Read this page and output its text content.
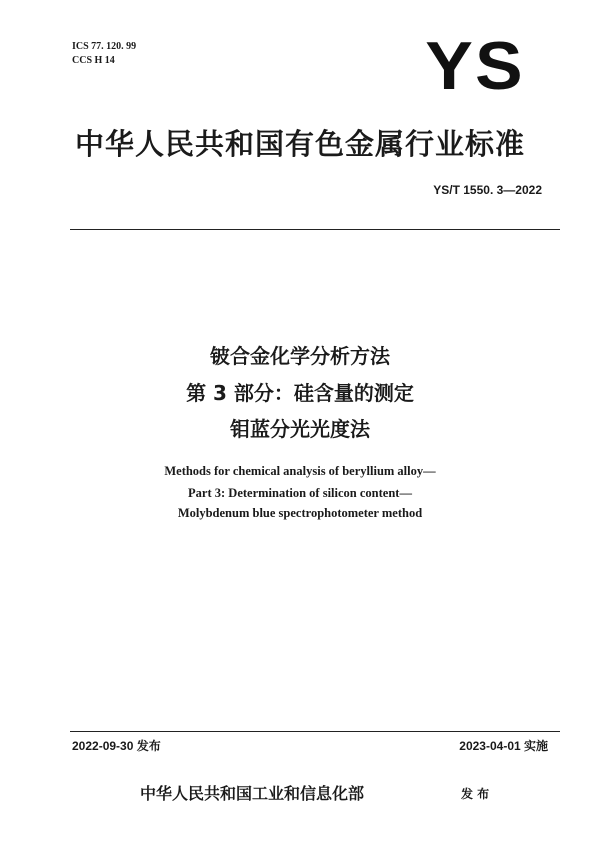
ICS 77. 120. 99
CCS H 14	YS
中华人民共和国有色金属行业标准
YS/T 1550. 3—2022
铍合金化学分析方法
第 3 部分：硅含量的测定
钼蓝分光光度法
Methods for chemical analysis of beryllium alloy—
Part 3: Determination of silicon content—
Molybdenum blue spectrophotometer method
2022-09-30 发布	2023-04-01 实施
中华人民共和国工业和信息化部	发 布
